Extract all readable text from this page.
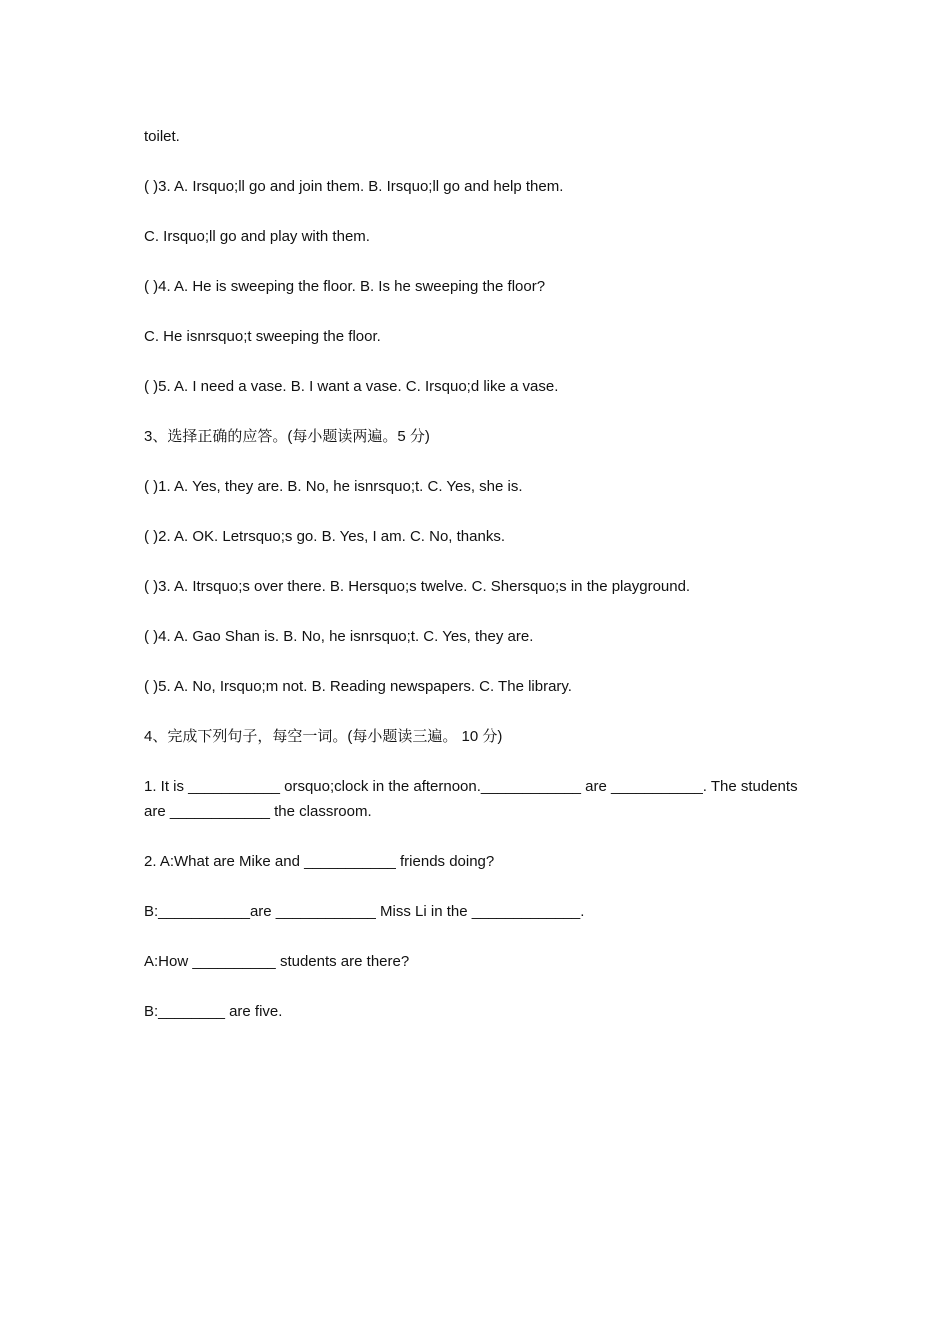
toilet.

( )3. A. Irsquo;ll go and join them. B. Irsquo;ll go and help them.

C. Irsquo;ll go and play with them.

( )4. A. He is sweeping the floor. B. Is he sweeping the floor?

C. He isnrsquo;t sweeping the floor.

( )5. A. I need a vase. B. I want a vase. C. Irsquo;d like a vase.

3、选择正确的应答。(每小题读两遍。5 分)

( )1. A. Yes, they are. B. No, he isnrsquo;t. C. Yes, she is.

( )2. A. OK. Letrsquo;s go. B. Yes, I am. C. No, thanks.

( )3. A. Itrsquo;s over there. B. Hersquo;s twelve. C. Shersquo;s in the playground.

( )4. A. Gao Shan is. B. No, he isnrsquo;t. C. Yes, they are.

( )5. A. No, Irsquo;m not. B. Reading newspapers. C. The library.

4、完成下列句子，每空一词。(每小题读三遍。 10 分)

1. It is ___________ orsquo;clock in the afternoon.____________ are ___________. The students are ____________ the classroom.

2. A:What are Mike and ___________ friends doing?

B:___________are ____________ Miss Li in the _____________.

A:How __________ students are there?

B:________ are five.
